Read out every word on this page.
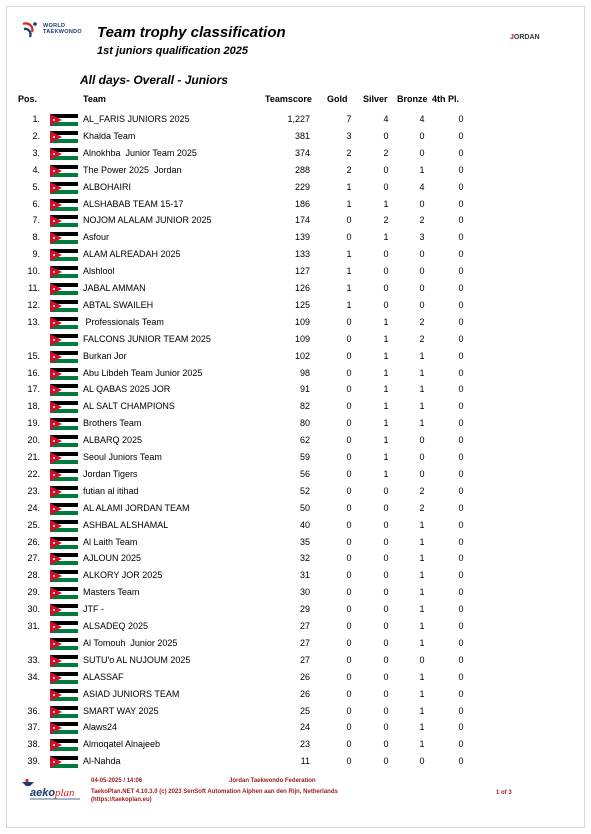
WORLD
TAEKWONDO Team trophy classification
1st juniors qualification 2025
JORDAN
All days- Overall - Juniors
Pos.	Team	Teamscore Gold Silver Bronze 4th Pl.
1.	AL_FARIS JUNIORS 2025	1,227	7	4	4	0
2.	Khalda Team	381	3	0	0	0
3.	Alnokhba  Junior Team 2025	374	2	2	0	0
4.	The Power 2025  Jordan	288	2	0	1	0
5.	ALBOHAIRI	229	1	0	4	0
6.	ALSHABAB TEAM 15-17	186	1	1	0	0
7.	NOJOM ALALAM JUNIOR 2025	174	0	2	2	0
8.	Asfour	139	0	1	3	0
9.	ALAM ALREADAH 2025	133	1	0	0	0
10.	Alshlool	127	1	0	0	0
11.	JABAL AMMAN	126	1	0	0	0
12.	ABTAL SWAILEH	125	1	0	0	0
13.	Professionals Team	109	0	1	2	0
FALCONS JUNIOR TEAM 2025	109	0	1	2	0
15.	Burkan Jor	102	0	1	1	0
16.	Abu Libdeh Team Junior 2025	98	0	1	1	0
17.	AL QABAS 2025 JOR	91	0	1	1	0
18.	AL SALT CHAMPIONS	82	0	1	1	0
19.	Brothers Team	80	0	1	1	0
20.	ALBARQ 2025	62	0	1	0	0
21.	Seoul Juniors Team	59	0	1	0	0
22.	Jordan Tigers	56	0	1	0	0
23.	futian al itihad	52	0	0	2	0
24.	AL ALAMI JORDAN TEAM	50	0	0	2	0
25.	ASHBAL ALSHAMAL	40	0	0	1	0
26.	Al Laith Team	35	0	0	1	0
27.	AJLOUN 2025	32	0	0	1	0
28.	ALKORY JOR 2025	31	0	0	1	0
29.	Masters Team	30	0	0	1	0
30.	JTF -	29	0	0	1	0
31.	ALSADEQ 2025	27	0	0	1	0
Al Tomouh  Junior 2025	27	0	0	1	0
33.	SUTU'o AL NUJOUM 2025	27	0	0	0	0
34.	ALASSAF	26	0	0	1	0
ASIAD JUNIORS TEAM	26	0	0	1	0
36.	SMART WAY 2025	25	0	0	1	0
37.	Alaws24	24	0	0	1	0
38.	Almoqatel Alnajeeb	23	0	0	1	0
39.	Al-Nahda	11	0	0	0	0
aeko plan
04-05-2025 / 14:06	Jordan Taekwondo Federation
TaekoPlan.NET 4.10.3.0 (c) 2023 SenSoft Automation Alphen aan den Rijn, Netherlands
(https://taekoplan.eu)
1 of 3
